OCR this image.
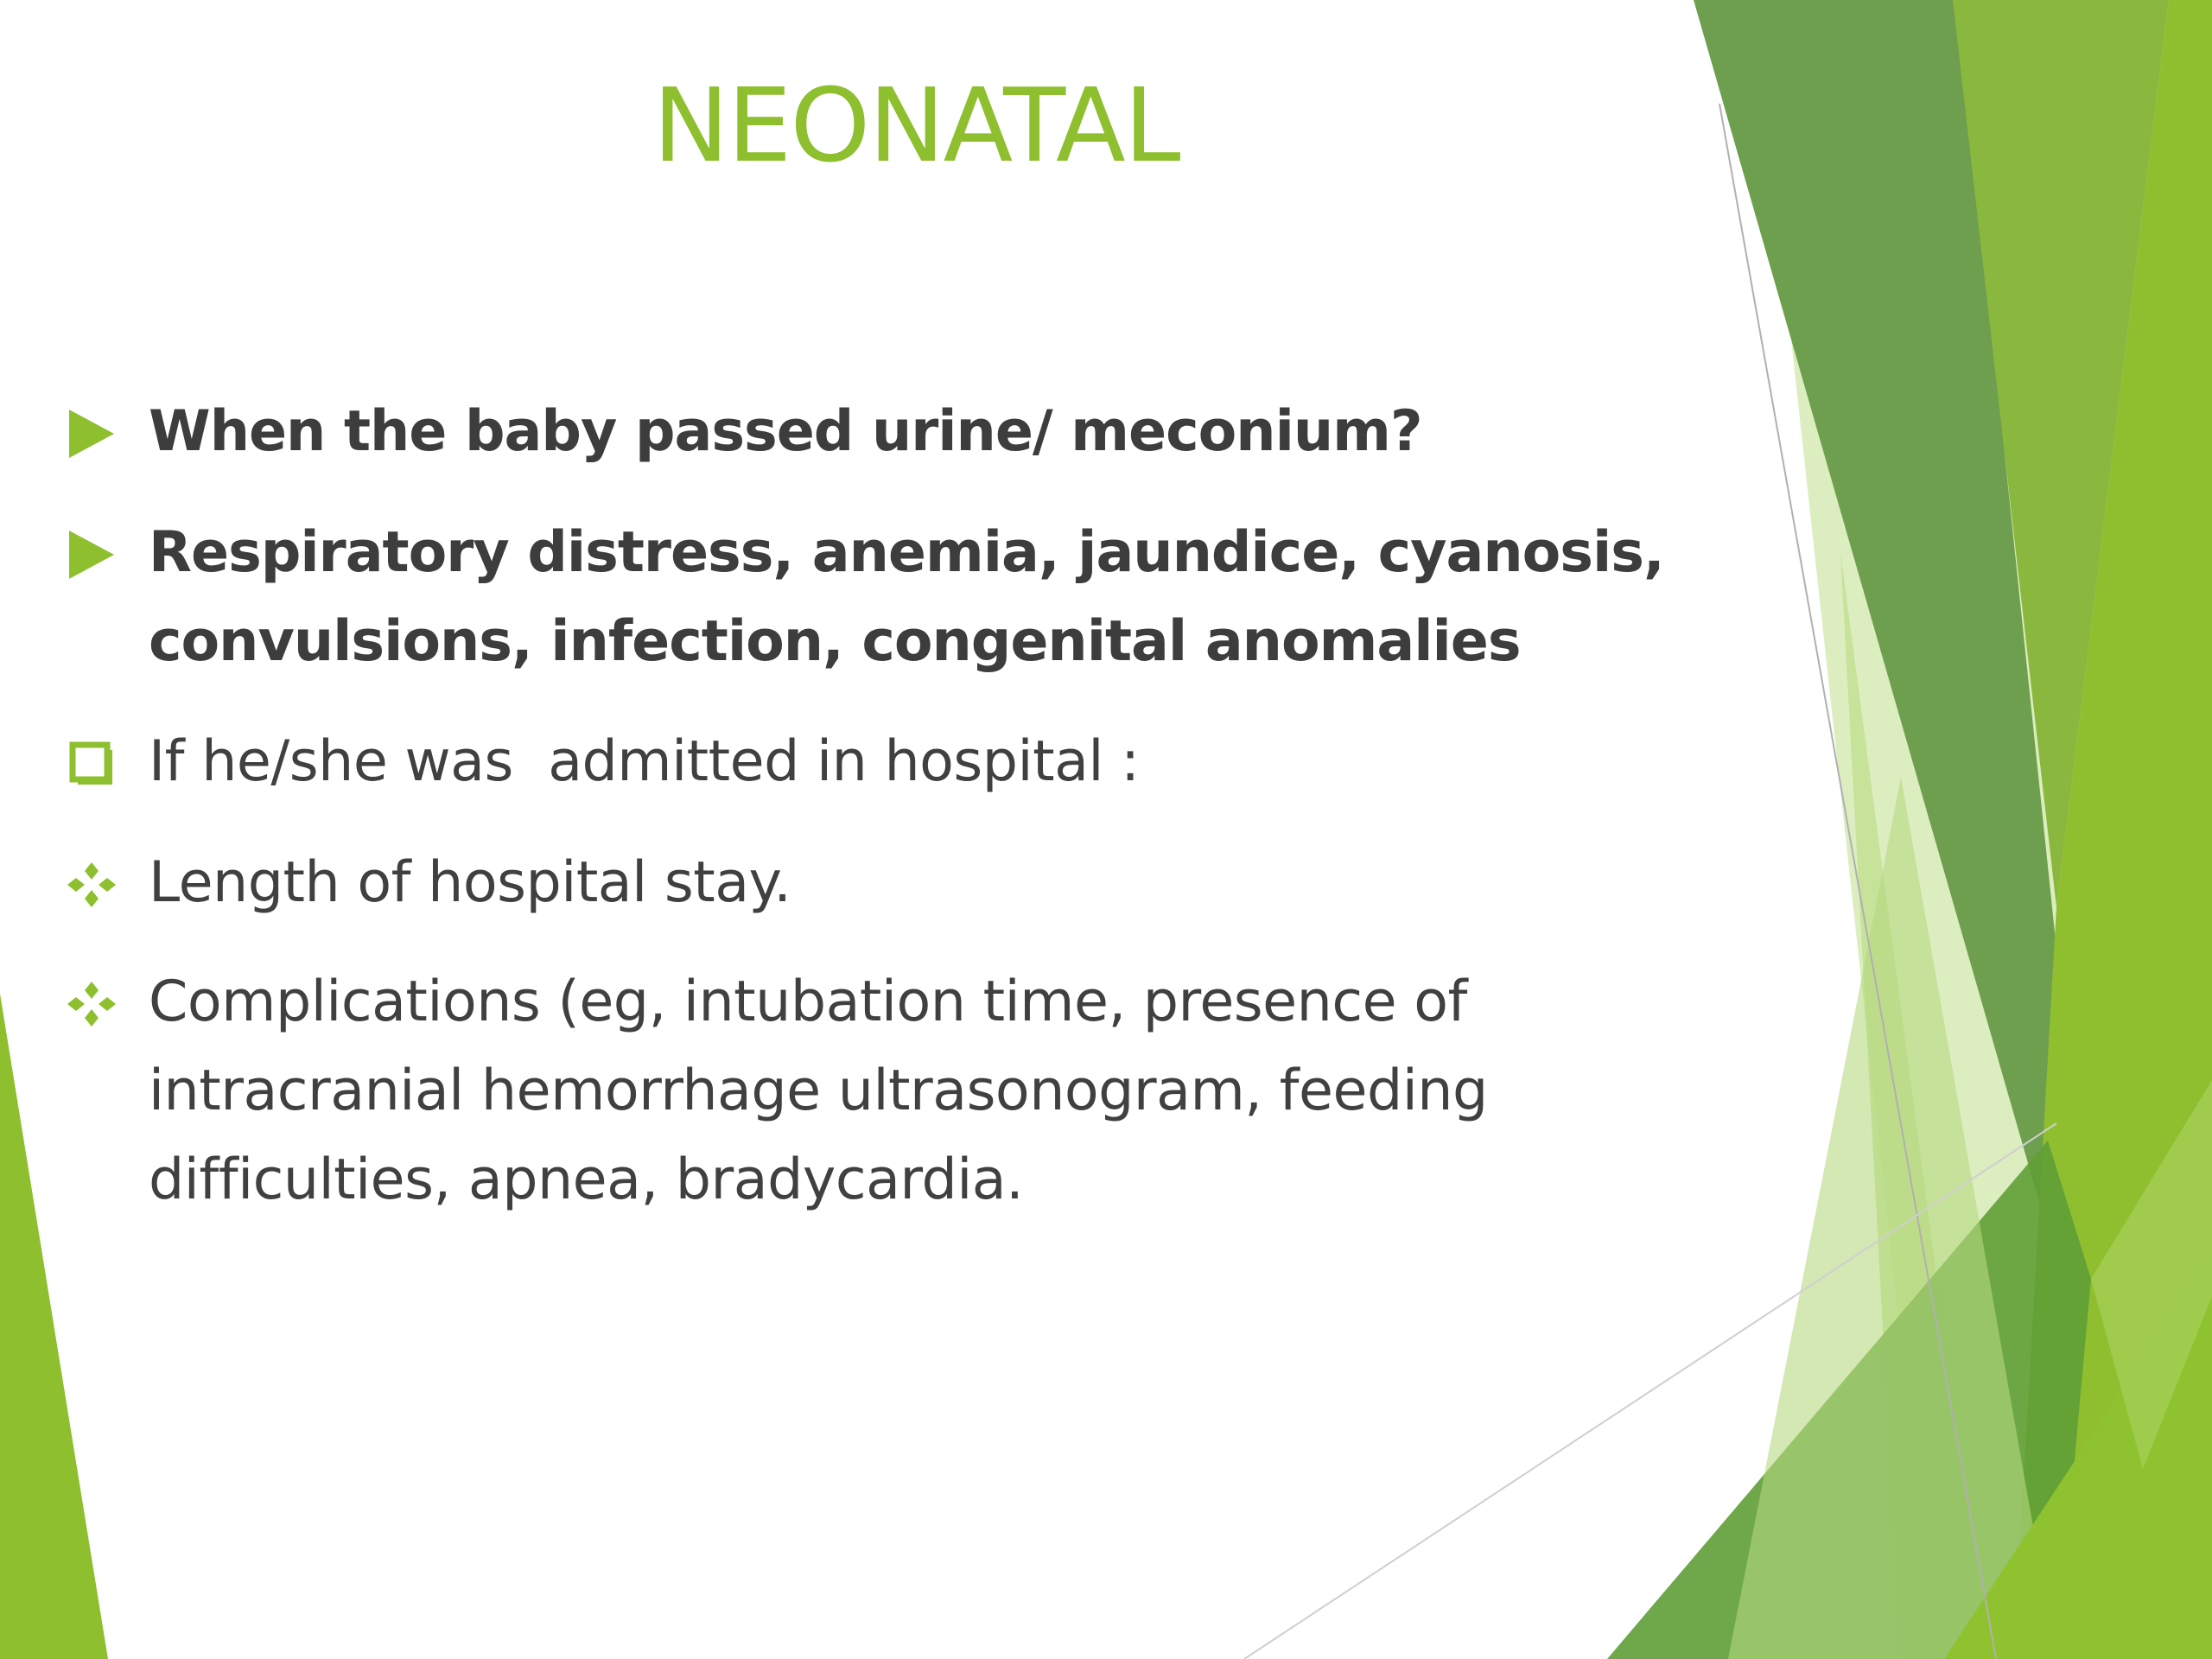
NEONATAL
When the baby passed urine/ meconium?
Respiratory distress, anemia, jaundice, cyanosis,
convulsions, infection, congenital anomalies
If he/she was  admitted in hospital :
Length of hospital stay.
Complications (eg, intubation time, presence of
intracranial hemorrhage ultrasonogram, feeding
difficulties, apnea, bradycardia.
